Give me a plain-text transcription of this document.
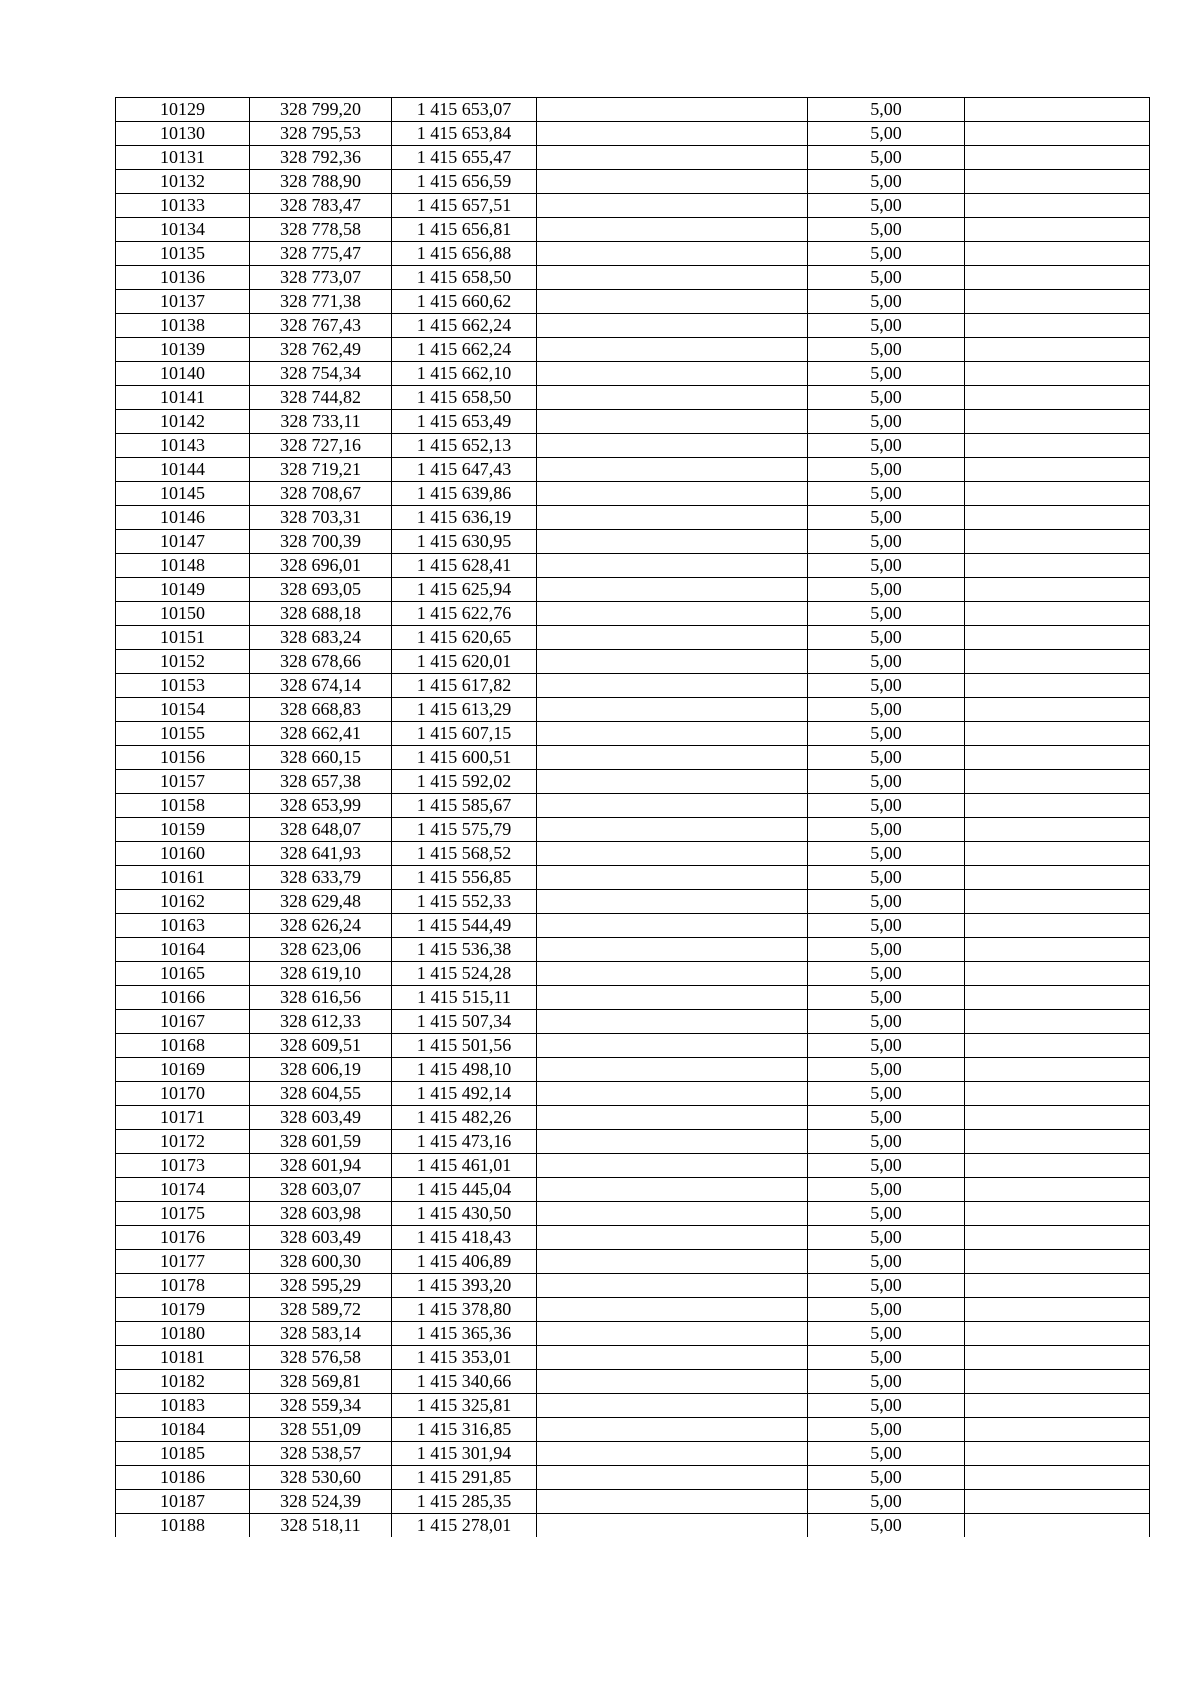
10129	328 799,20	1 415 653,07		5,00	
10130	328 795,53	1 415 653,84		5,00	
10131	328 792,36	1 415 655,47		5,00	
10132	328 788,90	1 415 656,59		5,00	
10133	328 783,47	1 415 657,51		5,00	
10134	328 778,58	1 415 656,81		5,00	
10135	328 775,47	1 415 656,88		5,00	
10136	328 773,07	1 415 658,50		5,00	
10137	328 771,38	1 415 660,62		5,00	
10138	328 767,43	1 415 662,24		5,00	
10139	328 762,49	1 415 662,24		5,00	
10140	328 754,34	1 415 662,10		5,00	
10141	328 744,82	1 415 658,50		5,00	
10142	328 733,11	1 415 653,49		5,00	
10143	328 727,16	1 415 652,13		5,00	
10144	328 719,21	1 415 647,43		5,00	
10145	328 708,67	1 415 639,86		5,00	
10146	328 703,31	1 415 636,19		5,00	
10147	328 700,39	1 415 630,95		5,00	
10148	328 696,01	1 415 628,41		5,00	
10149	328 693,05	1 415 625,94		5,00	
10150	328 688,18	1 415 622,76		5,00	
10151	328 683,24	1 415 620,65		5,00	
10152	328 678,66	1 415 620,01		5,00	
10153	328 674,14	1 415 617,82		5,00	
10154	328 668,83	1 415 613,29		5,00	
10155	328 662,41	1 415 607,15		5,00	
10156	328 660,15	1 415 600,51		5,00	
10157	328 657,38	1 415 592,02		5,00	
10158	328 653,99	1 415 585,67		5,00	
10159	328 648,07	1 415 575,79		5,00	
10160	328 641,93	1 415 568,52		5,00	
10161	328 633,79	1 415 556,85		5,00	
10162	328 629,48	1 415 552,33		5,00	
10163	328 626,24	1 415 544,49		5,00	
10164	328 623,06	1 415 536,38		5,00	
10165	328 619,10	1 415 524,28		5,00	
10166	328 616,56	1 415 515,11		5,00	
10167	328 612,33	1 415 507,34		5,00	
10168	328 609,51	1 415 501,56		5,00	
10169	328 606,19	1 415 498,10		5,00	
10170	328 604,55	1 415 492,14		5,00	
10171	328 603,49	1 415 482,26		5,00	
10172	328 601,59	1 415 473,16		5,00	
10173	328 601,94	1 415 461,01		5,00	
10174	328 603,07	1 415 445,04		5,00	
10175	328 603,98	1 415 430,50		5,00	
10176	328 603,49	1 415 418,43		5,00	
10177	328 600,30	1 415 406,89		5,00	
10178	328 595,29	1 415 393,20		5,00	
10179	328 589,72	1 415 378,80		5,00	
10180	328 583,14	1 415 365,36		5,00	
10181	328 576,58	1 415 353,01		5,00	
10182	328 569,81	1 415 340,66		5,00	
10183	328 559,34	1 415 325,81		5,00	
10184	328 551,09	1 415 316,85		5,00	
10185	328 538,57	1 415 301,94		5,00	
10186	328 530,60	1 415 291,85		5,00	
10187	328 524,39	1 415 285,35		5,00	
10188	328 518,11	1 415 278,01		5,00	
